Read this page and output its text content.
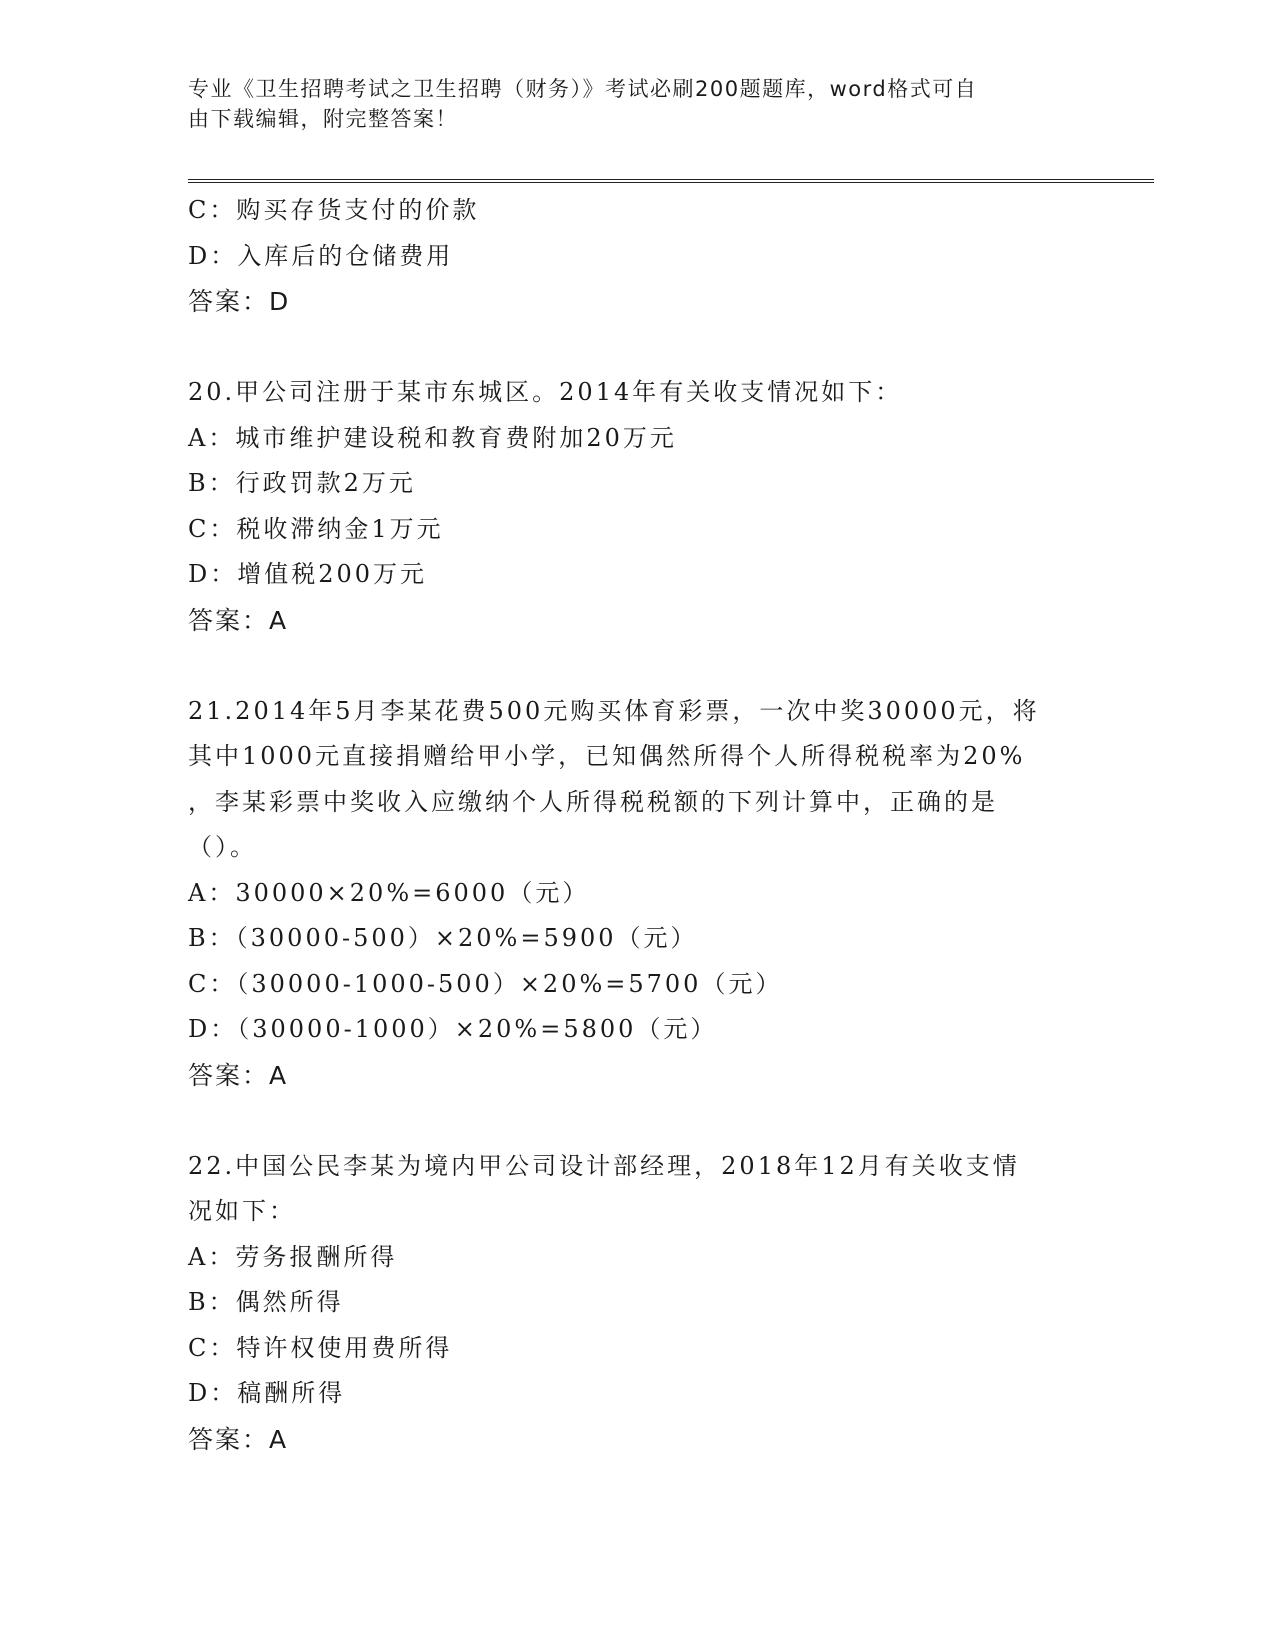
专业《卫生招聘考试之卫生招聘（财务）》考试必刷200题题库，word格式可自
由下载编辑，附完整答案！

C：购买存货支付的价款

D：入库后的仓储费用

答案：D

20.甲公司注册于某市东城区。2014年有关收支情况如下：

A：城市维护建设税和教育费附加20万元

B：行政罚款2万元

C：税收滞纳金1万元

D：增值税200万元

答案：A

21.2014年5月李某花费500元购买体育彩票，一次中奖30000元，将

其中1000元直接捐赠给甲小学，已知偶然所得个人所得税税率为20%

，李某彩票中奖收入应缴纳个人所得税税额的下列计算中，正确的是

（）。

A：30000×20%=6000（元）

B：（30000-500）×20%=5900（元）

C：（30000-1000-500）×20%=5700（元）

D：（30000-1000）×20%=5800（元）

答案：A

22.中国公民李某为境内甲公司设计部经理，2018年12月有关收支情

况如下：

A：劳务报酬所得

B：偶然所得

C：特许权使用费所得

D：稿酬所得

答案：A
